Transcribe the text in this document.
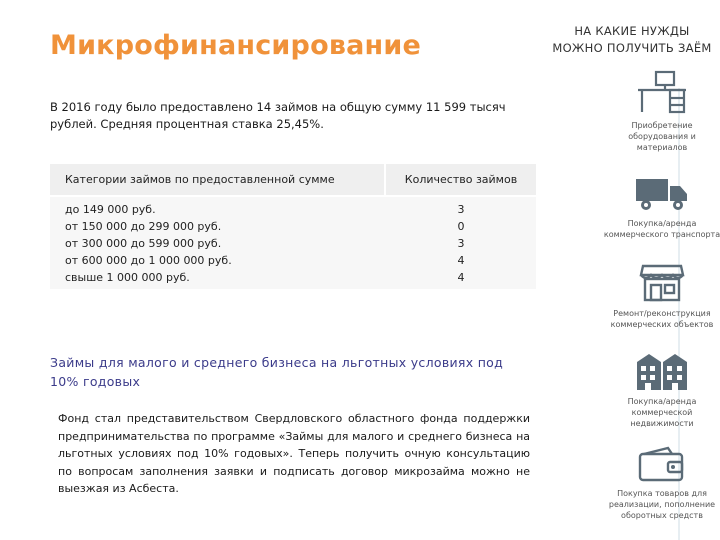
Микрофинансирование
В 2016 году было предоставлено 14 займов на общую сумму 11 599 тысяч рублей. Средняя процентная ставка 25,45%.
Категории займов по предоставленной сумме	Количество займов
до 149 000 руб.
от 150 000 до 299 000 руб.
от 300 000 до 599 000 руб.
от 600 000 до 1 000 000 руб.
свыше 1 000 000 руб.
3
0
3
4
4
Займы для малого и среднего бизнеса на льготных условиях под 10% годовых
Фонд стал представительством Свердловского областного фонда поддержки предпринимательства по программе «Займы для малого и среднего бизнеса на льготных условиях под 10% годовых». Теперь получить очную консультацию по вопросам заполнения заявки и подписать договор микрозайма можно не выезжая из Асбеста.
НА КАКИЕ НУЖДЫ
МОЖНО ПОЛУЧИТЬ ЗАЁМ
Приобретение оборудования и материалов
Покупка/аренда коммерческого транспорта
Ремонт/реконструкция коммерческих объектов
Покупка/аренда коммерческой недвижимости
Покупка товаров для реализации, пополнение оборотных средств
